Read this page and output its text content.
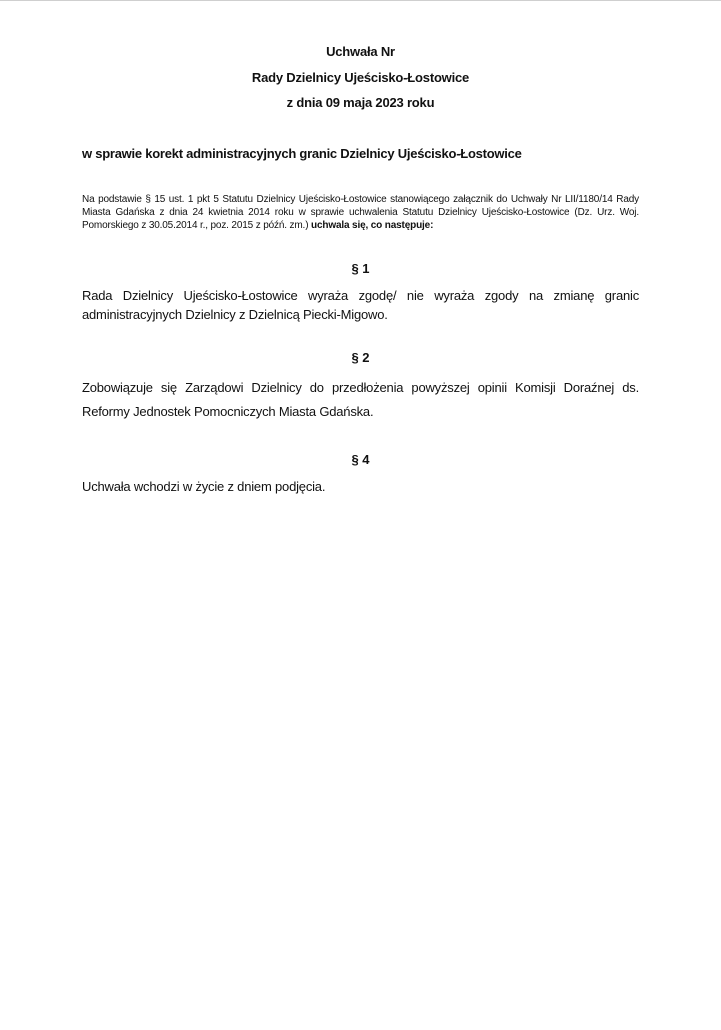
Uchwała Nr

Rady Dzielnicy Ujeścisko-Łostowice

z dnia 09 maja 2023 roku

w sprawie korekt administracyjnych granic Dzielnicy Ujeścisko-Łostowice

Na podstawie § 15 ust. 1 pkt 5 Statutu Dzielnicy Ujeścisko-Łostowice stanowiącego załącznik do Uchwały Nr LII/1180/14 Rady Miasta Gdańska z dnia 24 kwietnia 2014 roku w sprawie uchwalenia Statutu Dzielnicy Ujeścisko-Łostowice (Dz. Urz. Woj. Pomorskiego z 30.05.2014 r., poz. 2015 z późń. zm.) uchwala się, co następuje:

§ 1

Rada Dzielnicy Ujeścisko-Łostowice wyraża zgodę/ nie wyraża zgody na zmianę granic administracyjnych Dzielnicy z Dzielnicą Piecki-Migowo.

§ 2

Zobowiązuje się Zarządowi Dzielnicy do przedłożenia powyższej opinii Komisji Doraźnej ds. Reformy Jednostek Pomocniczych Miasta Gdańska.

§ 4

Uchwała wchodzi w życie z dniem podjęcia.
